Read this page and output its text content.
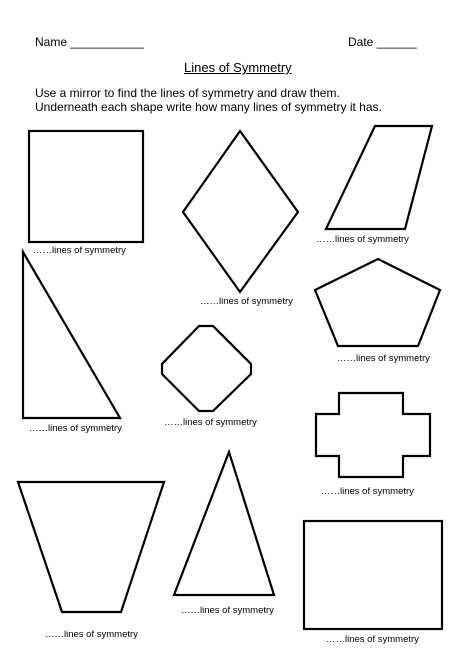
Name ___________	Date ______
Lines of Symmetry
Use a mirror to find the lines of symmetry and draw them.
Underneath each shape write how many lines of symmetry it has.
……lines of symmetry
……lines of symmetry
……lines of symmetry
……lines of symmetry
……lines of symmetry
……lines of symmetry
……lines of symmetry
……lines of symmetry
……lines of symmetry
……lines of symmetry
